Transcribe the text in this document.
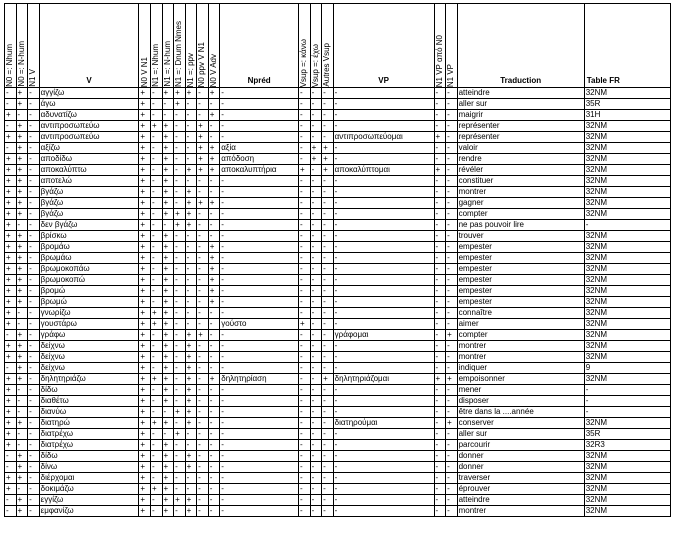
N0 =: Nhum	N0 =: N-hum	N1 V	V	N0 V N1	N1 =: Nhum	N1 =: N-hum	N1 =: Dnum Nmes	N1 =: ppv	N0 ppv V N1	N0 V Adv	Npréd	Vsup =: κάνω	Vsup =: έχω	Autres Vsup	VP	N1 VP από N0	N1 VP	Traduction	Table FR

-	+	-	αγγίζω	+	-	+	+	+	-	+	-	-	-	-	-	-	-	atteindre	32NM
-	+	-	άγω	+	-	-	+	-	-	-	-	-	-	-	-	-	-	aller sur	35R
+	-	-	αδυνατίζω	+	-	-	-	-	-	+	-	-	-	-	-	-	-	maigrir	31H
-	+	-	αντιπροσωπεύω	+	+	+	-	-	+	-	-	-	-	-	-	-	-	représenter	32NM
+	+	-	αντιπροσωπεύω	+	-	+	-	-	+	-	-	-	-	-	αντιπροσωπεύομαι	+	-	représenter	32NM
-	+	-	αξίζω	+	-	+	-	-	+	+	αξία	-	+	+	-	-	-	valoir	32NM
+	+	-	αποδίδω	+	-	+	-	-	+	+	απόδοση	-	+	+	-	-	-	rendre	32NM
+	+	-	αποκαλύπτω	+	-	+	-	+	+	+	αποκαλυπτήρια	+	-	+	αποκαλύπτομαι	+	-	révéler	32NM
+	+	-	αποτελώ	+	-	+	-	-	-	-	-	-	-	-	-	-	-	constituer	32NM
+	+	-	βγάζω	+	-	+	-	+	-	-	-	-	-	-	-	-	-	montrer	32NM
+	+	-	βγάζω	+	-	+	-	+	+	+	-	-	-	-	-	-	-	gagner	32NM
+	+	-	βγάζω	+	-	+	+	+	-	-	-	-	-	-	-	-	-	compter	32NM
+	-	-	δεν βγάζω	+	-	-	+	+	-	-	-	-	-	-	-	-	-	ne pas pouvoir lire	-
+	+	-	βρίσκω	+	-	+	-	-	-	-	-	-	-	-	-	-	-	trouver	32NM
+	+	-	βρομάω	+	-	+	-	-	-	+	-	-	-	-	-	-	-	empester	32NM
+	+	-	βρωμάω	+	-	+	-	-	-	+	-	-	-	-	-	-	-	empester	32NM
+	+	-	βρωμοκοπάω	+	-	+	-	-	-	+	-	-	-	-	-	-	-	empester	32NM
+	+	-	βρωμοκοπώ	+	-	+	-	-	-	+	-	-	-	-	-	-	-	empester	32NM
+	+	-	βρομώ	+	-	+	-	-	-	+	-	-	-	-	-	-	-	empester	32NM
+	+	-	βρωμώ	+	-	+	-	-	-	+	-	-	-	-	-	-	-	empester	32NM
+	-	-	γνωρίζω	+	+	+	-	-	-	-	-	-	-	-	-	-	-	connaître	32NM
+	-	-	γουστάρω	+	+	+	-	-	-	-	γούστο	+	-	-	-	-	-	aimer	32NM
-	+	-	γράφω	+	-	+	-	+	+	-	-	-	-	-	γράφομαι	-	+	compter	32NM
+	+	-	δείχνω	+	-	+	-	+	-	-	-	-	-	-	-	-	-	montrer	32NM
+	+	-	δείχνω	+	-	+	-	+	-	-	-	-	-	-	-	-	-	montrer	32NM
-	+	-	δείχνω	+	-	+	-	+	-	-	-	-	-	-	-	-	-	indiquer	9
+	+	-	δηλητηριάζω	+	+	+	-	+	-	+	δηλητηρίαση	-	-	+	δηλητηριάζομαι	+	+	empoisonner	32NM
+	-	-	δίδω	+	-	+	-	+	-	-	-	-	-	-	-	-	-	mener	-
+	-	-	διαθέτω	+	-	+	-	+	-	-	-	-	-	-	-	-	-	disposer	-
+	-	-	διανύω	+	-	-	+	+	-	-	-	-	-	-	-	-	-	être dans la ....année	-
+	+	-	διατηρώ	+	+	+	-	+	-	-	-	-	-	-	διατηρούμαι	-	+	conserver	32NM
+	-	-	διατρέχω	+	-	-	+	-	-	-	-	-	-	-	-	-	-	aller sur	35R
+	-	-	διατρέχω	+	-	+	-	-	-	-	-	-	-	-	-	-	-	parcourir	32R3
-	+	-	δίδω	+	-	+	-	+	-	-	-	-	-	-	-	-	-	donner	32NM
-	+	-	δίνω	+	-	+	-	+	-	-	-	-	-	-	-	-	-	donner	32NM
+	+	-	διέρχομαι	+	-	+	-	-	-	-	-	-	-	-	-	-	-	traverser	32NM
+	-	-	δοκιμάζω	+	+	+	-	-	-	-	-	-	-	-	-	-	-	éprouver	32NM
-	+	-	εγγίζω	+	-	+	+	+	-	-	-	-	-	-	-	-	-	atteindre	32NM
-	+	-	εμφανίζω	+	-	+	-	+	-	-	-	-	-	-	-	-	-	montrer	32NM
